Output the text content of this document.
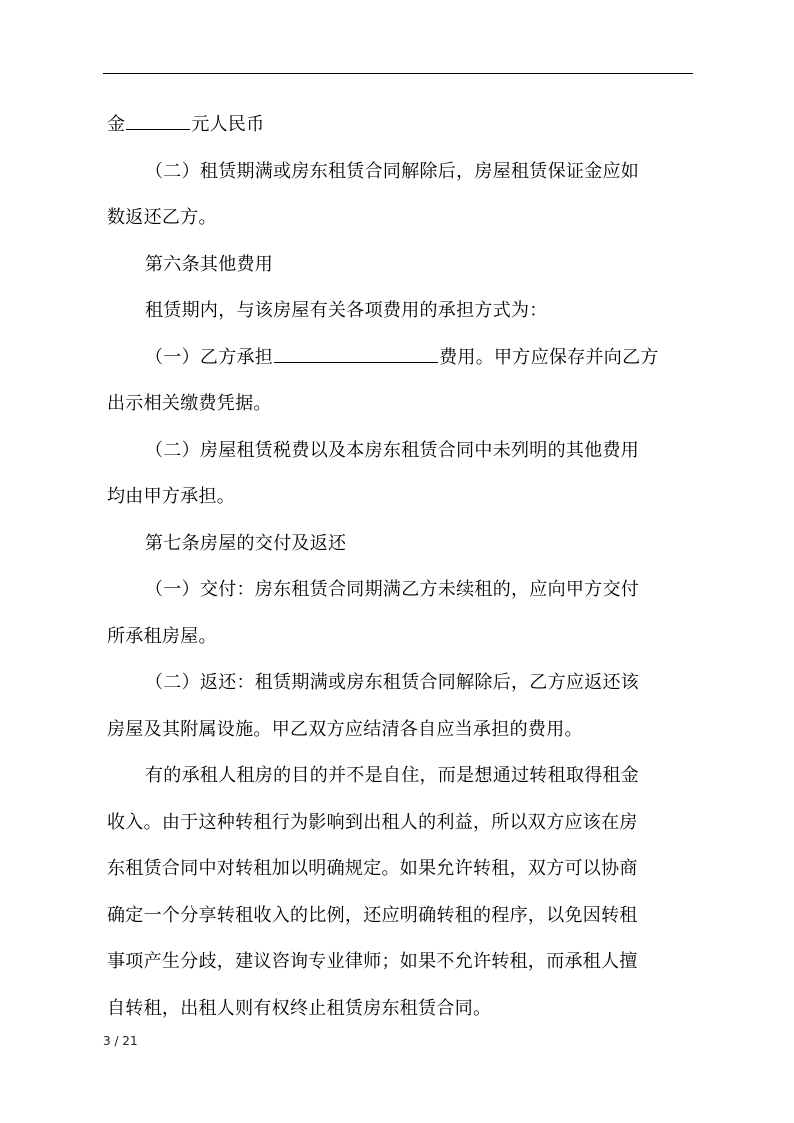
金	元人民币

（二）租赁期满或房东租赁合同解除后，房屋租赁保证金应如

数返还乙方。

第六条其他费用

租赁期内，与该房屋有关各项费用的承担方式为：

（一）乙方承担	费用。甲方应保存并向乙方

出示相关缴费凭据。

（二）房屋租赁税费以及本房东租赁合同中未列明的其他费用

均由甲方承担。

第七条房屋的交付及返还

（一）交付：房东租赁合同期满乙方未续租的，应向甲方交付

所承租房屋。

（二）返还：租赁期满或房东租赁合同解除后，乙方应返还该

房屋及其附属设施。甲乙双方应结清各自应当承担的费用。

有的承租人租房的目的并不是自住，而是想通过转租取得租金

收入。由于这种转租行为影响到出租人的利益，所以双方应该在房

东租赁合同中对转租加以明确规定。如果允许转租，双方可以协商

确定一个分享转租收入的比例，还应明确转租的程序，以免因转租

事项产生分歧，建议咨询专业律师；如果不允许转租，而承租人擅

自转租，出租人则有权终止租赁房东租赁合同。

3 / 21
